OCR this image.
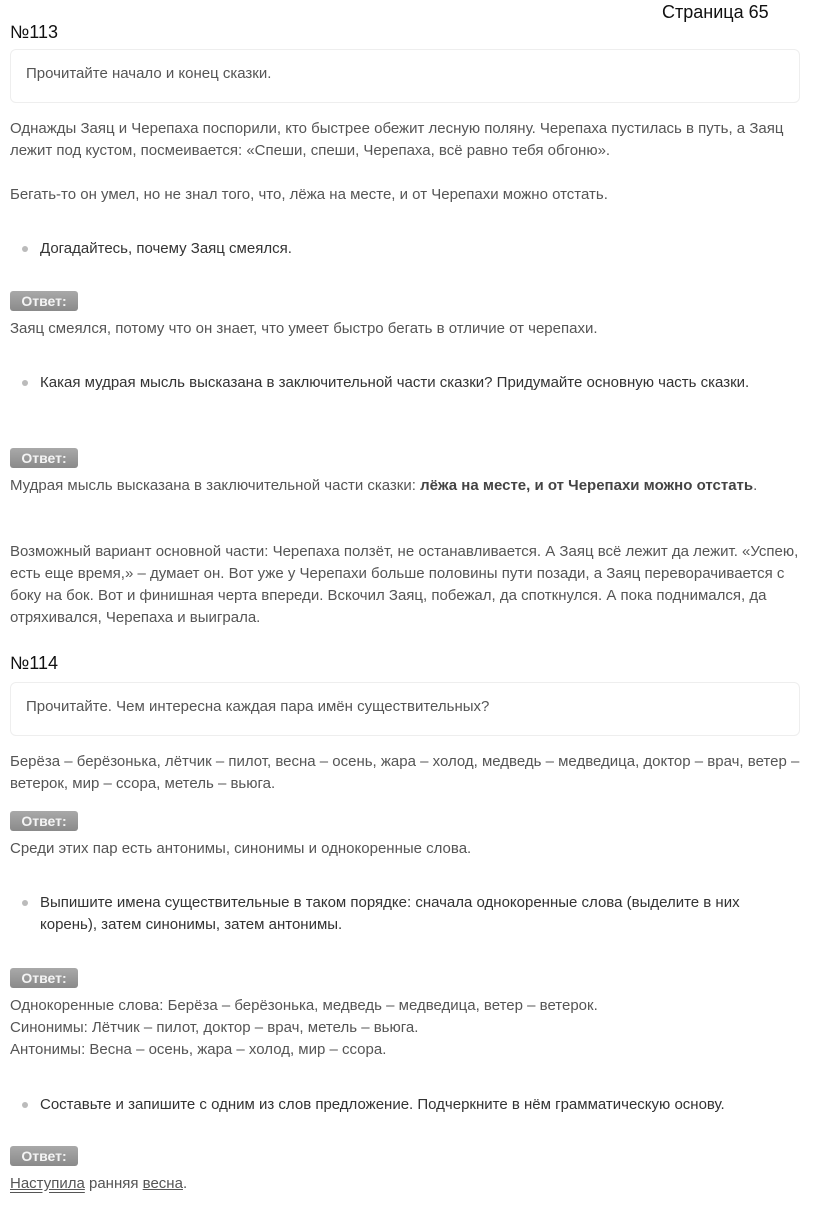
Страница 65
№113
Прочитайте начало и конец сказки.
Однажды Заяц и Черепаха поспорили, кто быстрее обежит лесную поляну. Черепаха пустилась в путь, а Заяц лежит под кустом, посмеивается: «Спеши, спеши, Черепаха, всё равно тебя обгоню».
Бегать-то он умел, но не знал того, что, лёжа на месте, и от Черепахи можно отстать.
Догадайтесь, почему Заяц смеялся.
Ответ:
Заяц смеялся, потому что он знает, что умеет быстро бегать в отличие от черепахи.
Какая мудрая мысль высказана в заключительной части сказки? Придумайте основную часть сказки.
Ответ:
Мудрая мысль высказана в заключительной части сказки: лёжа на месте, и от Черепахи можно отстать.
Возможный вариант основной части: Черепаха ползёт, не останавливается. А Заяц всё лежит да лежит. «Успею, есть еще время,» – думает он. Вот уже у Черепахи больше половины пути позади, а Заяц переворачивается с боку на бок. Вот и финишная черта впереди. Вскочил Заяц, побежал, да споткнулся. А пока поднимался, да отряхивался, Черепаха и выиграла.
№114
Прочитайте. Чем интересна каждая пара имён существительных?
Берёза – берёзонька, лётчик – пилот, весна – осень, жара – холод, медведь – медведица, доктор – врач, ветер – ветерок, мир – ссора, метель – вьюга.
Ответ:
Среди этих пар есть антонимы, синонимы и однокоренные слова.
Выпишите имена существительные в таком порядке: сначала однокоренные слова (выделите в них корень), затем синонимы, затем антонимы.
Ответ:
Однокоренные слова: Берёза – берёзонька, медведь – медведица, ветер – ветерок.
Синонимы: Лётчик – пилот, доктор – врач, метель – вьюга.
Антонимы: Весна – осень, жара – холод, мир – ссора.
Составьте и запишите с одним из слов предложение. Подчеркните в нём грамматическую основу.
Ответ:
Наступила ранняя весна.
